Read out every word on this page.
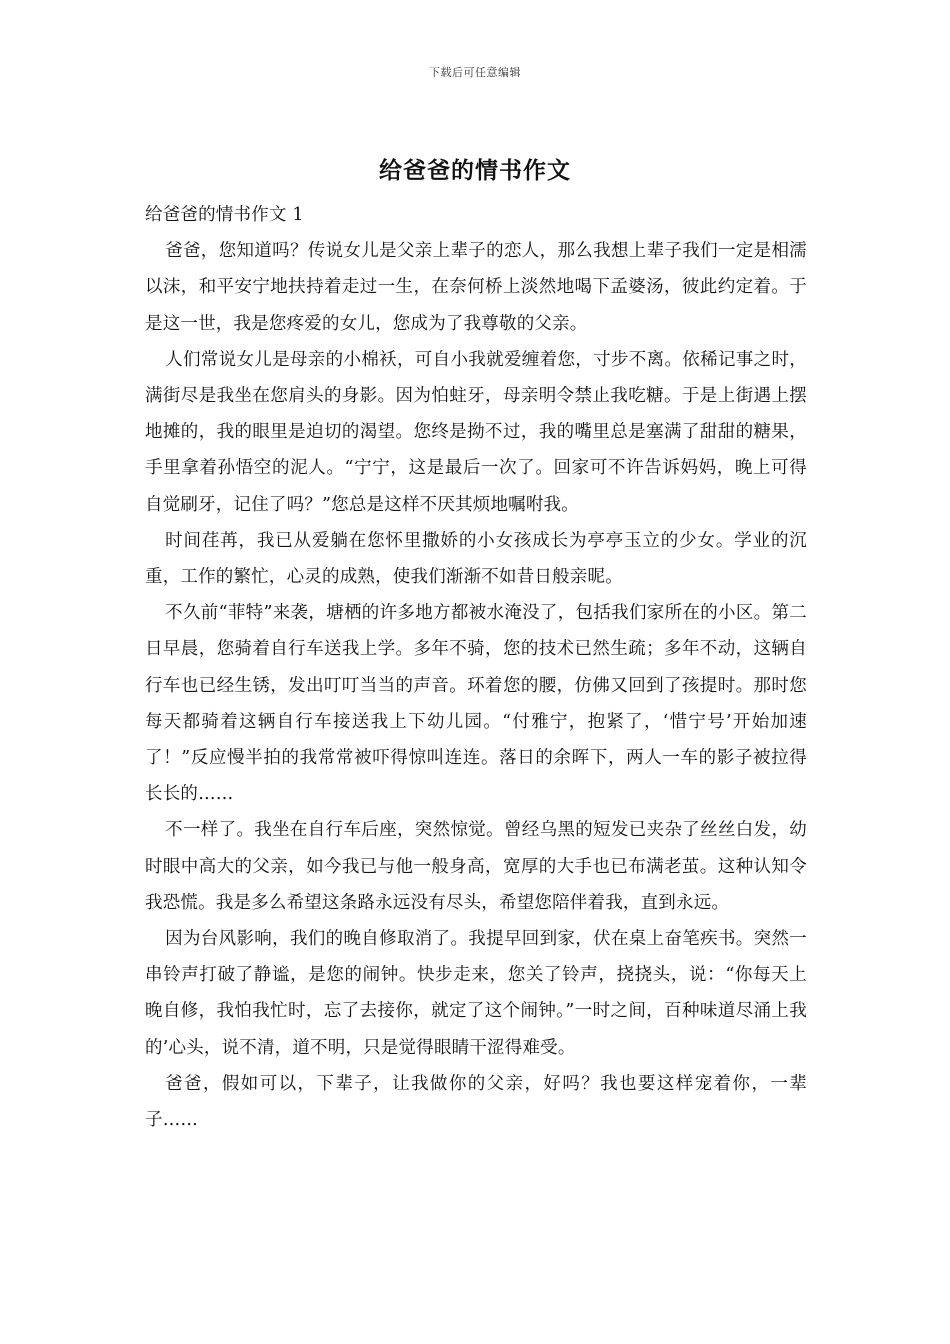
下载后可任意编辑
给爸爸的情书作文

给爸爸的情书作文 1

爸爸，您知道吗？传说女儿是父亲上辈子的恋人，那么我想上辈子我们一定是相濡以沫，和平安宁地扶持着走过一生，在奈何桥上淡然地喝下孟婆汤，彼此约定着。于是这一世，我是您疼爱的女儿，您成为了我尊敬的父亲。

人们常说女儿是母亲的小棉袄，可自小我就爱缠着您，寸步不离。依稀记事之时，满街尽是我坐在您肩头的身影。因为怕蛀牙，母亲明令禁止我吃糖。于是上街遇上摆地摊的，我的眼里是迫切的渴望。您终是拗不过，我的嘴里总是塞满了甜甜的糖果，手里拿着孙悟空的泥人。“宁宁，这是最后一次了。回家可不许告诉妈妈，晚上可得自觉刷牙，记住了吗？”您总是这样不厌其烦地嘱咐我。

时间荏苒，我已从爱躺在您怀里撒娇的小女孩成长为亭亭玉立的少女。学业的沉重，工作的繁忙，心灵的成熟，使我们渐渐不如昔日般亲昵。

不久前“菲特”来袭，塘栖的许多地方都被水淹没了，包括我们家所在的小区。第二日早晨，您骑着自行车送我上学。多年不骑，您的技术已然生疏；多年不动，这辆自行车也已经生锈，发出叮叮当当的声音。环着您的腰，仿佛又回到了孩提时。那时您每天都骑着这辆自行车接送我上下幼儿园。“付雅宁，抱紧了，‘惜宁号’开始加速了！”反应慢半拍的我常常被吓得惊叫连连。落日的余晖下，两人一车的影子被拉得长长的……

不一样了。我坐在自行车后座，突然惊觉。曾经乌黑的短发已夹杂了丝丝白发，幼时眼中高大的父亲，如今我已与他一般身高，宽厚的大手也已布满老茧。这种认知令我恐慌。我是多么希望这条路永远没有尽头，希望您陪伴着我，直到永远。

因为台风影响，我们的晚自修取消了。我提早回到家，伏在桌上奋笔疾书。突然一串铃声打破了静谧，是您的闹钟。快步走来，您关了铃声，挠挠头，说：“你每天上晚自修，我怕我忙时，忘了去接你，就定了这个闹钟。”一时之间，百种味道尽涌上我的’心头，说不清，道不明，只是觉得眼睛干涩得难受。

爸爸，假如可以，下辈子，让我做你的父亲，好吗？我也要这样宠着你，一辈子……
